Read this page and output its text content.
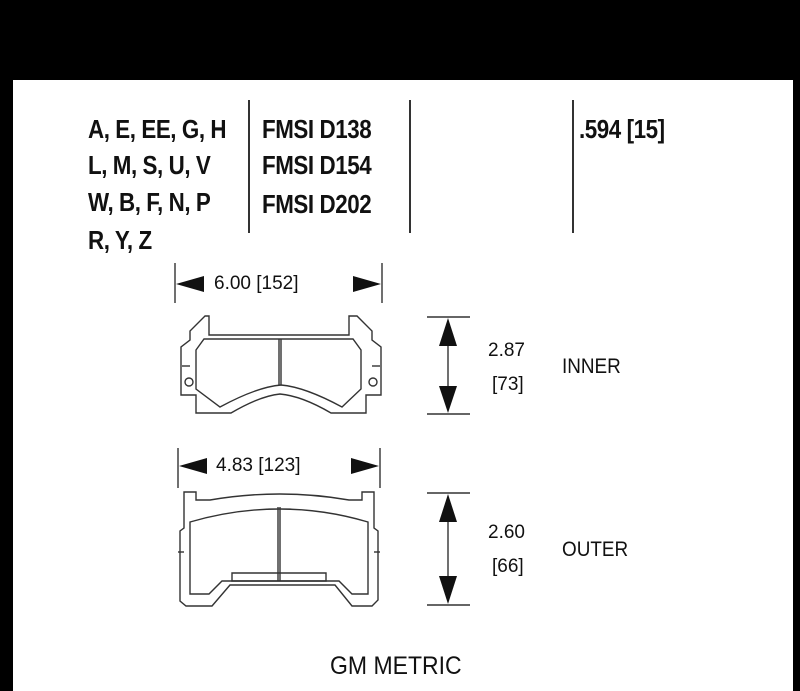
A, E, EE, G, H
L, M, S, U, V
W, B, F, N, P
R, Y, Z
FMSI D138
FMSI D154
FMSI D202
.594 [15]
6.00 [152]
2.87
[73]
INNER
4.83 [123]
2.60
[66]
OUTER
GM METRIC
